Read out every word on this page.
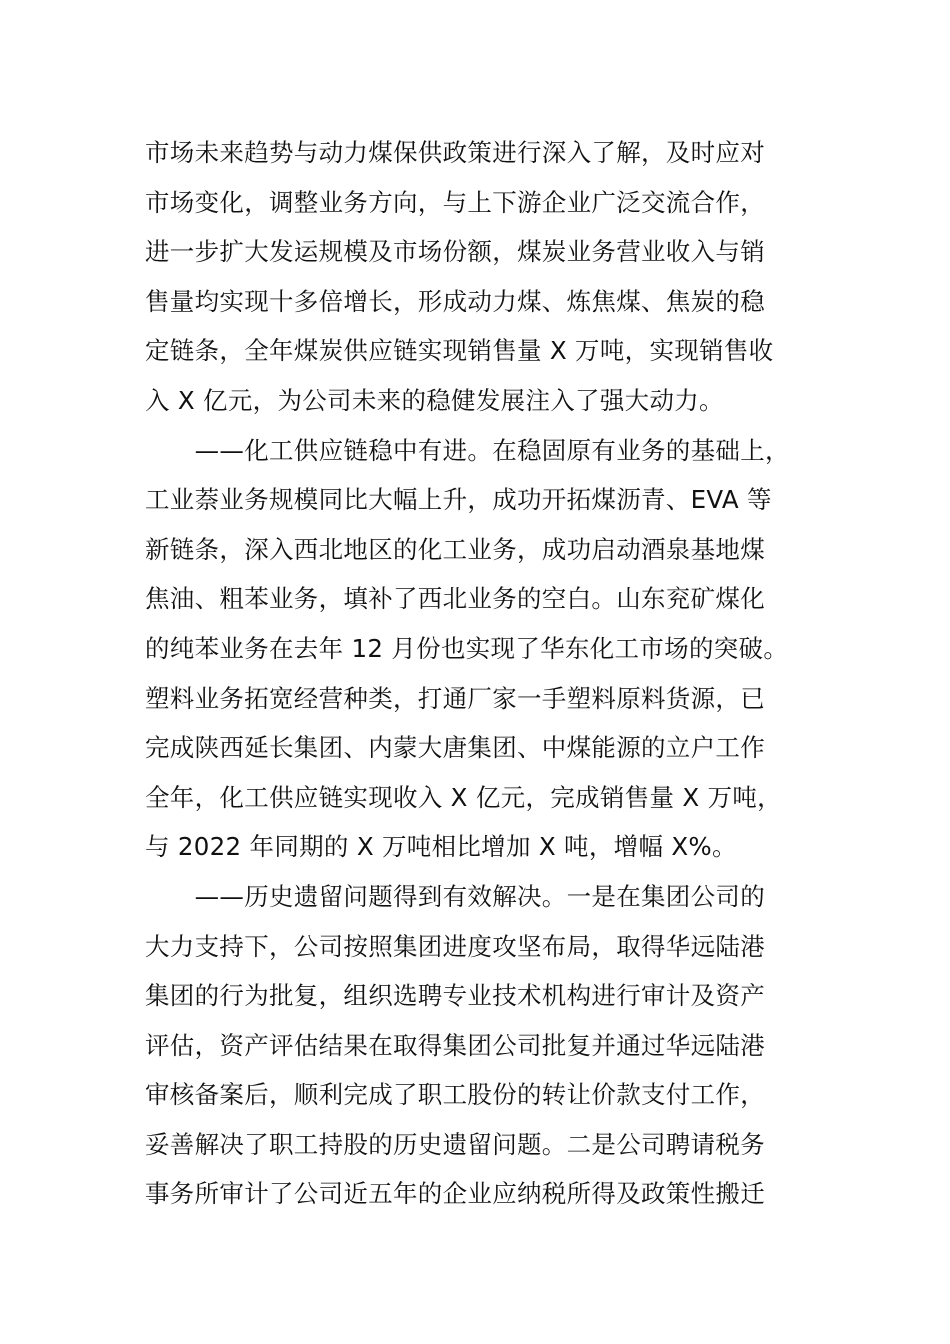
市场未来趋势与动力煤保供政策进行深入了解，及时应对
市场变化，调整业务方向，与上下游企业广泛交流合作，
进一步扩大发运规模及市场份额，煤炭业务营业收入与销
售量均实现十多倍增长，形成动力煤、炼焦煤、焦炭的稳
定链条，全年煤炭供应链实现销售量 X 万吨，实现销售收
入 X 亿元，为公司未来的稳健发展注入了强大动力。
　　——化工供应链稳中有进。在稳固原有业务的基础上，
工业萘业务规模同比大幅上升，成功开拓煤沥青、EVA 等
新链条，深入西北地区的化工业务，成功启动酒泉基地煤
焦油、粗苯业务，填补了西北业务的空白。山东兖矿煤化
的纯苯业务在去年 12 月份也实现了华东化工市场的突破。
塑料业务拓宽经营种类，打通厂家一手塑料原料货源，已
完成陕西延长集团、内蒙大唐集团、中煤能源的立户工作
全年，化工供应链实现收入 X 亿元，完成销售量 X 万吨，
与 2022 年同期的 X 万吨相比增加 X 吨，增幅 X%。
　　——历史遗留问题得到有效解决。一是在集团公司的
大力支持下，公司按照集团进度攻坚布局，取得华远陆港
集团的行为批复，组织选聘专业技术机构进行审计及资产
评估，资产评估结果在取得集团公司批复并通过华远陆港
审核备案后，顺利完成了职工股份的转让价款支付工作，
妥善解决了职工持股的历史遗留问题。二是公司聘请税务
事务所审计了公司近五年的企业应纳税所得及政策性搬迁
